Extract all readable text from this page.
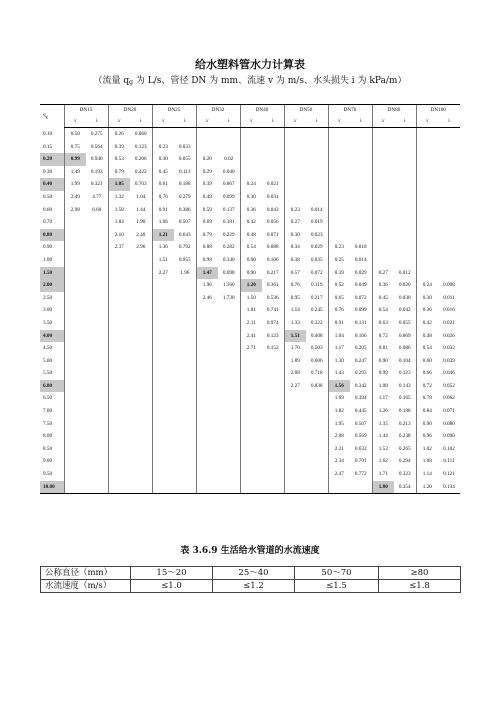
给水塑料管水力计算表
（流量 qg 为 L/s、管径 DN 为 mm、流速 v 为 m/s、水头损失 i 为 kPa/m）
$q_g$	DN15		DN20		DN25		DN32		DN40		DN50		DN70		DN80		DN100	
	v	i	v	i	v	i	v	i	v	i	v	i	v	i	v	i	v	i
0.10	0.50	0.275	0.26	0.060														
0.15	0.75	0.564	0.39	0.123	0.23	0.033												
0.20	0.99	0.940	0.53	0.206	0.30	0.055	0.20	0.02										
0.30	1.49	0.193	0.79	0.422	0.45	0.113	0.29	0.040										
0.40	1.99	0.321	1.05	0.703	0.61	0.188	0.39	0.067	0.24	0.021								
0.50	2.49	4.77	1.32	1.04	0.76	0.279	0.49	0.099	0.30	0.031								
0.60	2.98	6.60	1.58	1.44	0.91	0.386	0.59	0.137	0.36	0.043	0.23	0.014						
0.70			1.84	1.90	1.06	0.507	0.69	0.181	0.42	0.056	0.27	0.019						
0.80			2.10	2.40	1.21	0.643	0.79	0.229	0.48	0.071	0.30	0.023						
0.90			2.37	2.96	1.36	0.792	0.88	0.282	0.54	0.088	0.34	0.029	0.23	0.018				
1.00					1.51	0.955	0.98	0.340	0.60	0.106	0.38	0.035	0.25	0.014				
1.50					2.27	1.96	1.47	0.698	0.90	0.217	0.57	0.072	0.39	0.029	0.27	0.012		
2.00							1.96	1.160	1.20	0.361	0.76	0.119	0.52	0.049	0.36	0.020	0.24	0.008
2.50							2.46	1.730	1.50	0.536	0.95	0.217	0.65	0.072	0.45	0.030	0.30	0.011
3.00									1.81	0.741	1.14	0.245	0.76	0.099	0.54	0.042	0.36	0.016
3.50									2.11	0.974	1.33	0.322	0.91	0.131	0.63	0.055	0.42	0.021
4.00									2.41	0.123	1.51	0.408	1.04	0.166	0.72	0.069	0.48	0.026
4.50									2.71	0.152	1.70	0.503	1.17	0.205	0.81	0.086	0.54	0.032
5.00											1.89	0.606	1.30	0.247	0.90	0.104	0.60	0.039
5.50											2.08	0.718	1.43	0.293	0.99	0.123	0.66	0.046
6.00											2.27	0.838	1.56	0.342	1.08	0.143	0.72	0.052
6.50													1.69	0.394	1.17	0.165	0.78	0.062
7.00													1.82	0.445	1.26	0.188	0.84	0.071
7.50													1.95	0.507	1.35	0.213	0.90	0.080
8.00													2.08	0.569	1.44	0.238	0.96	0.090
8.50													2.21	0.632	1.53	0.265	1.02	0.102
9.00													2.34	0.701	1.62	0.294	1.08	0.111
9.50													2.47	0.772	1.71	0.323	1.14	0.121
10.00															1.80	0.354	1.20	0.134
表 3.6.9 生活给水管道的水流速度
公称直径（mm）	15～20	25～40	50～70	≥80
水流速度（m/s）	≤1.0	≤1.2	≤1.5	≤1.8
